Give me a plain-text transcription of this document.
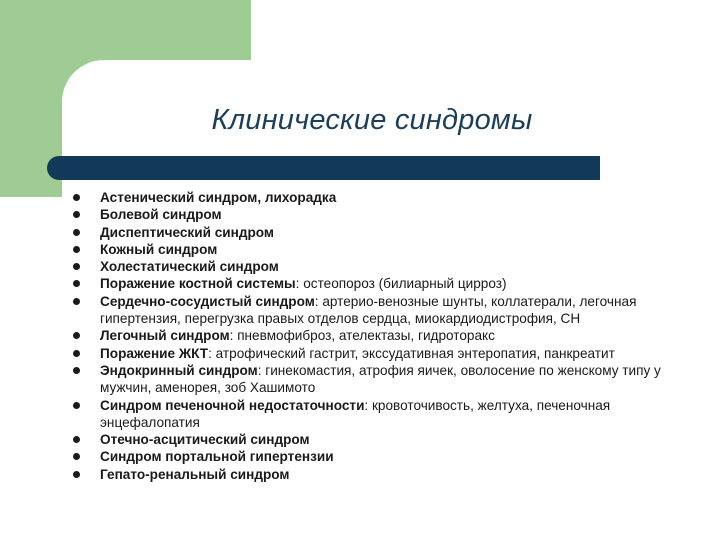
Клинические синдромы
Астенический синдром, лихорадка
Болевой синдром
Диспептический синдром
Кожный синдром
Холестатический синдром
Поражение костной системы: остеопороз (билиарный цирроз)
Сердечно-сосудистый синдром: артерио-венозные шунты, коллатерали, легочная гипертензия, перегрузка правых отделов сердца, миокардиодистрофия, СН
Легочный синдром: пневмофиброз, ателектазы, гидроторакс
Поражение ЖКТ: атрофический гастрит, экссудативная энтеропатия, панкреатит
Эндокринный синдром: гинекомастия, атрофия яичек, оволосение по женскому типу у мужчин, аменорея, зоб Хашимото
Синдром печеночной недостаточности: кровоточивость, желтуха, печеночная энцефалопатия
Отечно-асцитический синдром
Синдром портальной гипертензии
Гепато-ренальный синдром
